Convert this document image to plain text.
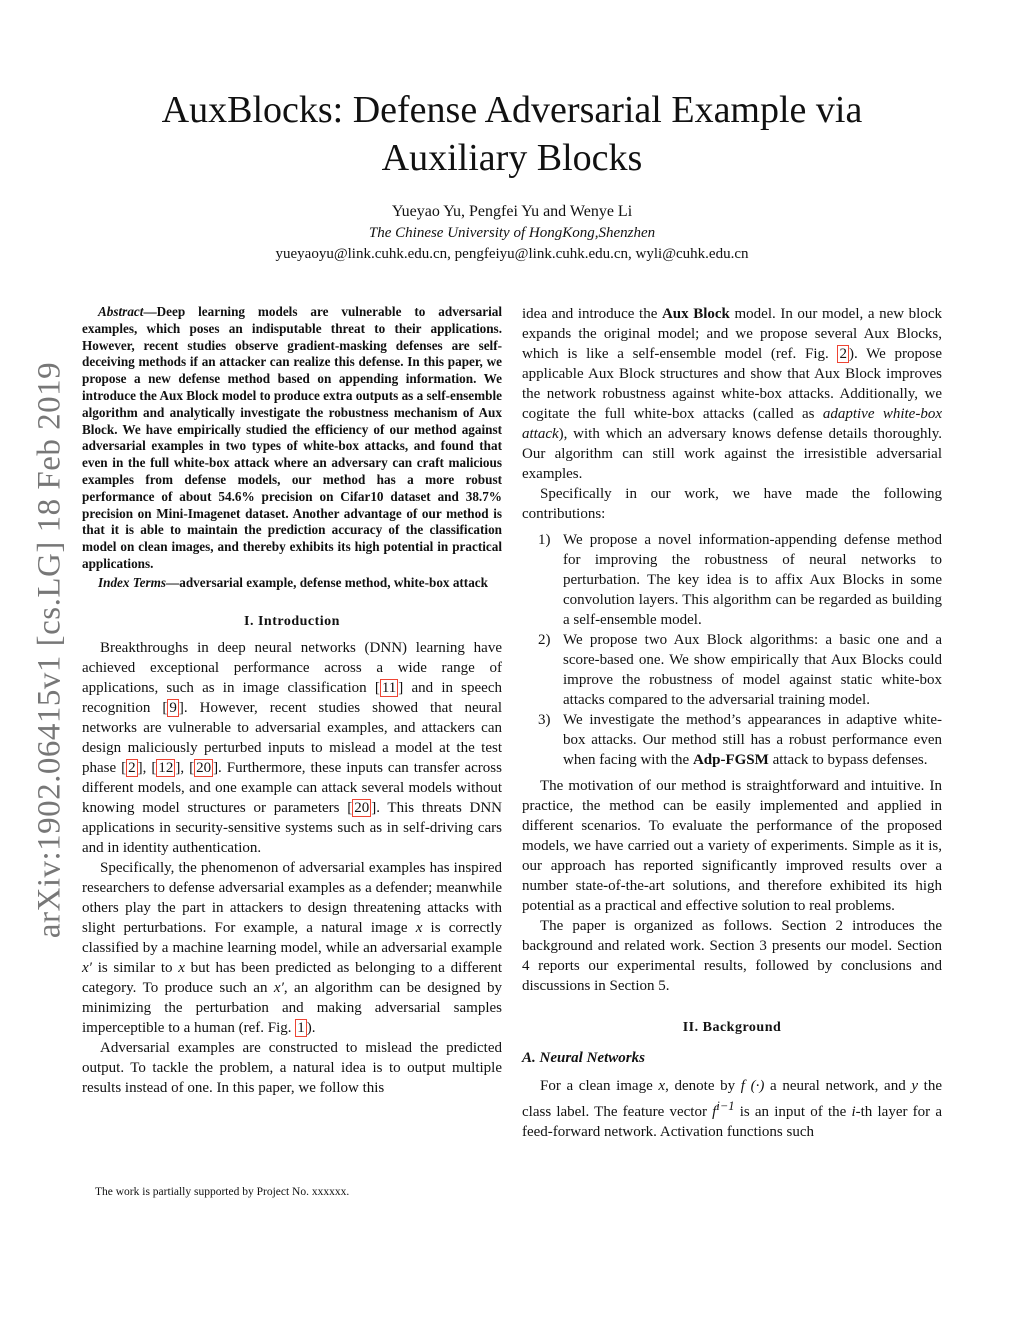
AuxBlocks: Defense Adversarial Example via Auxiliary Blocks
Yueyao Yu, Pengfei Yu and Wenye Li
The Chinese University of HongKong,Shenzhen
yueyaoyu@link.cuhk.edu.cn, pengfeiyu@link.cuhk.edu.cn, wyli@cuhk.edu.cn
arXiv:1902.06415v1 [cs.LG] 18 Feb 2019

Abstract—Deep learning models are vulnerable to adversarial examples, which poses an indisputable threat to their applications. However, recent studies observe gradient-masking defenses are self-deceiving methods if an attacker can realize this defense. In this paper, we propose a new defense method based on appending information. We introduce the Aux Block model to produce extra outputs as a self-ensemble algorithm and analytically investigate the robustness mechanism of Aux Block. We have empirically studied the efficiency of our method against adversarial examples in two types of white-box attacks, and found that even in the full white-box attack where an adversary can craft malicious examples from defense models, our method has a more robust performance of about 54.6% precision on Cifar10 dataset and 38.7% precision on Mini-Imagenet dataset. Another advantage of our method is that it is able to maintain the prediction accuracy of the classification model on clean images, and thereby exhibits its high potential in practical applications.

Index Terms—adversarial example, defense method, white-box attack

I. Introduction

Breakthroughs in deep neural networks (DNN) learning have achieved exceptional performance across a wide range of applications, such as in image classification [ 11 ] and in speech recognition [ 9 ]. However, recent studies showed that neural networks are vulnerable to adversarial examples, and attackers can design maliciously perturbed inputs to mislead a model at the test phase [ 2 ], [ 12 ], [ 20 ]. Furthermore, these inputs can transfer across different models, and one example can attack several models without knowing model structures or parameters [ 20 ]. This threats DNN applications in security-sensitive systems such as in self-driving cars and in identity authentication.

Specifically, the phenomenon of adversarial examples has inspired researchers to defense adversarial examples as a defender; meanwhile others play the part in attackers to design threatening attacks with slight perturbations. For example, a natural image x is correctly classified by a machine learning model, while an adversarial example x′ is similar to x but has been predicted as belonging to a different category. To produce such an x′, an algorithm can be designed by minimizing the perturbation and making adversarial samples imperceptible to a human (ref. Fig. 1 ).

Adversarial examples are constructed to mislead the predicted output. To tackle the problem, a natural idea is to output multiple results instead of one. In this paper, we follow this

idea and introduce the Aux Block model. In our model, a new block expands the original model; and we propose several Aux Blocks, which is like a self-ensemble model (ref. Fig. 2 ). We propose applicable Aux Block structures and show that Aux Block improves the network robustness against white-box attacks. Additionally, we cogitate the full white-box attacks (called as adaptive white-box attack), with which an adversary knows defense details thoroughly. Our algorithm can still work against the irresistible adversarial examples.

Specifically in our work, we have made the following contributions:

1) We propose a novel information-appending defense method for improving the robustness of neural networks to perturbation. The key idea is to affix Aux Blocks in some convolution layers. This algorithm can be regarded as building a self-ensemble model.
2) We propose two Aux Block algorithms: a basic one and a score-based one. We show empirically that Aux Blocks could improve the robustness of model against static white-box attacks compared to the adversarial training model.
3) We investigate the method’s appearances in adaptive white-box attacks. Our method still has a robust performance even when facing with the Adp-FGSM attack to bypass defenses.

The motivation of our method is straightforward and intuitive. In practice, the method can be easily implemented and applied in different scenarios. To evaluate the performance of the proposed models, we have carried out a variety of experiments. Simple as it is, our approach has reported significantly improved results over a number state-of-the-art solutions, and therefore exhibited its high potential as a practical and effective solution to real problems.

The paper is organized as follows. Section 2 introduces the background and related work. Section 3 presents our model. Section 4 reports our experimental results, followed by conclusions and discussions in Section 5.

II. Background
A. Neural Networks

For a clean image x, denote by f (·) a neural network, and y the class label. The feature vector $f^{i-1}$ is an input of the i-th layer for a feed-forward network. Activation functions such

The work is partially supported by Project No. xxxxxx.
